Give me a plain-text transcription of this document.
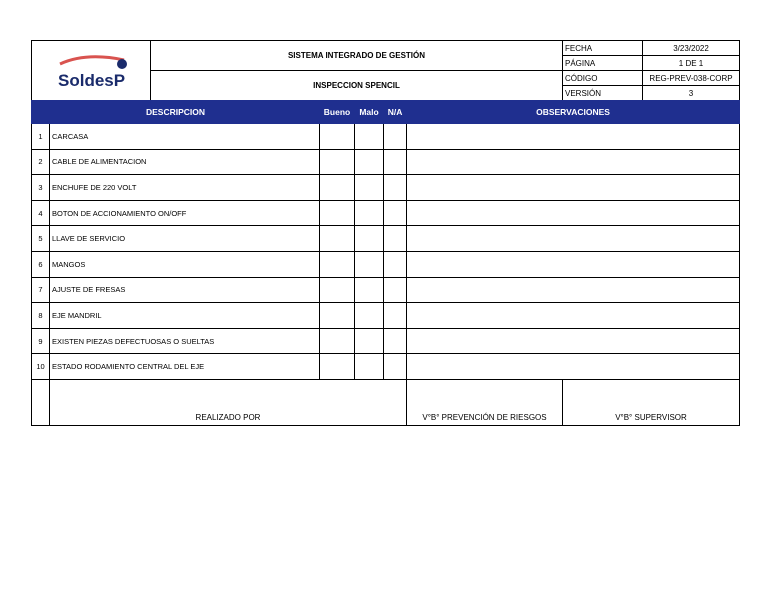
SoldesP	SISTEMA INTEGRADO DE GESTIÓN	FECHA	3/23/2022
		PÁGINA	1 DE 1
	INSPECCION SPENCIL	CÓDIGO	REG-PREV-038-CORP
		VERSIÓN	3
DESCRIPCION		Bueno	Malo	N/A	OBSERVACIONES
1	CARCASA				
2	CABLE DE ALIMENTACION				
3	ENCHUFE DE 220 VOLT				
4	BOTON DE ACCIONAMIENTO ON/OFF				
5	LLAVE DE SERVICIO				
6	MANGOS				
7	AJUSTE DE FRESAS				
8	EJE MANDRIL				
9	EXISTEN PIEZAS DEFECTUOSAS O SUELTAS				
10	ESTADO RODAMIENTO CENTRAL DEL EJE				
	REALIZADO POR	V°B° PREVENCIÓN DE RIESGOS	V°B° SUPERVISOR
